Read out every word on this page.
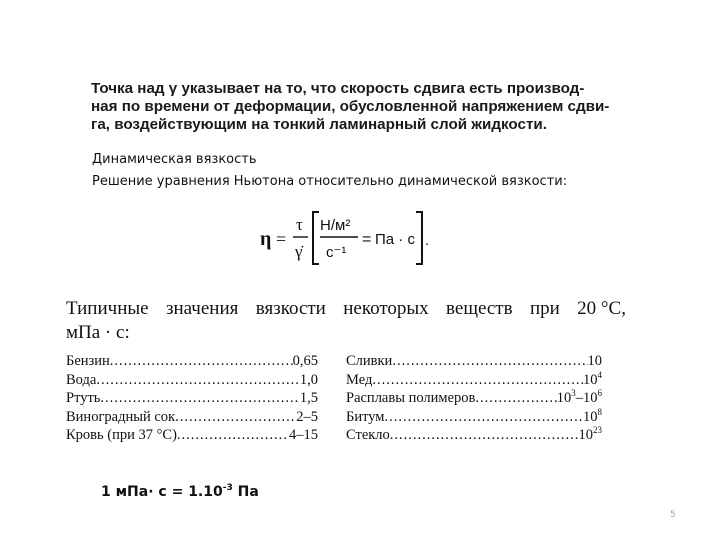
Точка над γ указывает на то, что скорость сдвига есть производ-
ная по времени от деформации, обусловленной напряжением сдви-
га, воздействующим на тонкий ламинарный слой жидкости.
Динамическая вязкость
Решение уравнения Ньютона относительно динамической вязкости:
η =
τ
γ̇
Н/м²
с⁻¹
= Па · с .
Типичные значения вязкости некоторых веществ при 20 °С,
мПа · с:
Бензин .....	0,65
Вода .....	1,0
Ртуть .....	1,5
Виноградный сок .....	2–5
Кровь (при 37 °С) .....	4–15
Сливки .....	10
Мед .....	$10^4$
Расплавы полимеров .....	$10^3-10^6$
Битум .....	$10^8$
Стекло .....	$10^{23}$
1 $мПа\cdot с = 1.10^{-3}$ Па
5
